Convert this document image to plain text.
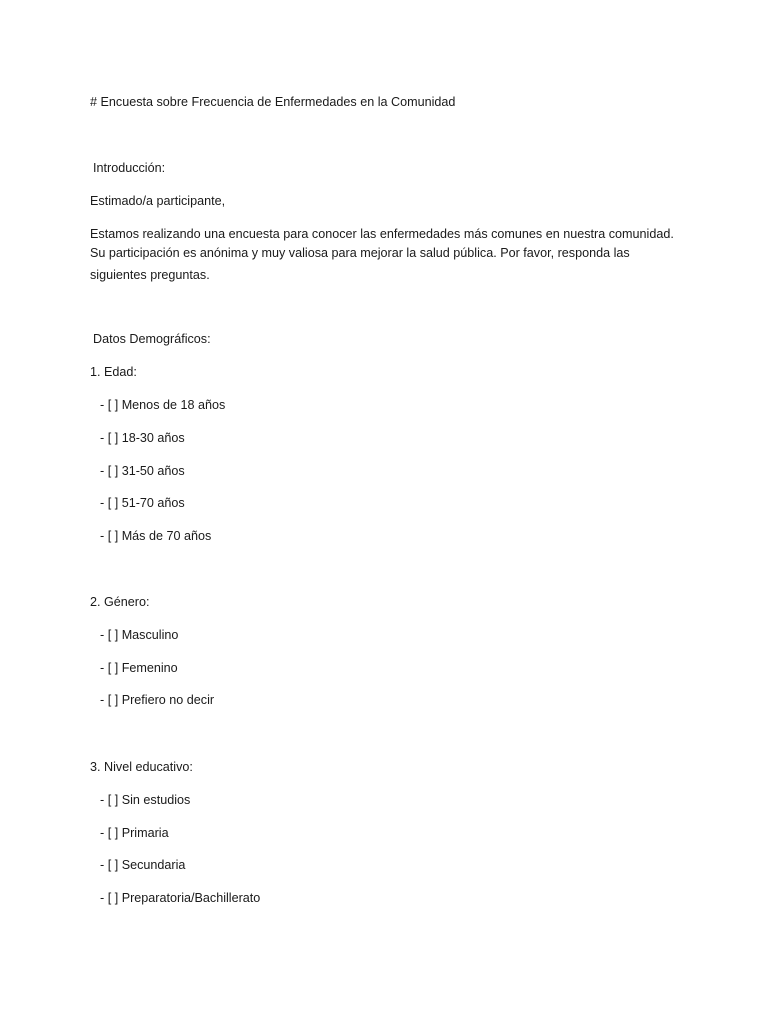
# Encuesta sobre Frecuencia de Enfermedades en la Comunidad
Introducción:
Estimado/a participante,
Estamos realizando una encuesta para conocer las enfermedades más comunes en nuestra comunidad.
Su participación es anónima y muy valiosa para mejorar la salud pública. Por favor, responda las
siguientes preguntas.
Datos Demográficos:
1. Edad:
- [ ] Menos de 18 años
- [ ] 18-30 años
- [ ] 31-50 años
- [ ] 51-70 años
- [ ] Más de 70 años
2. Género:
- [ ] Masculino
- [ ] Femenino
- [ ] Prefiero no decir
3. Nivel educativo:
- [ ] Sin estudios
- [ ] Primaria
- [ ] Secundaria
- [ ] Preparatoria/Bachillerato
